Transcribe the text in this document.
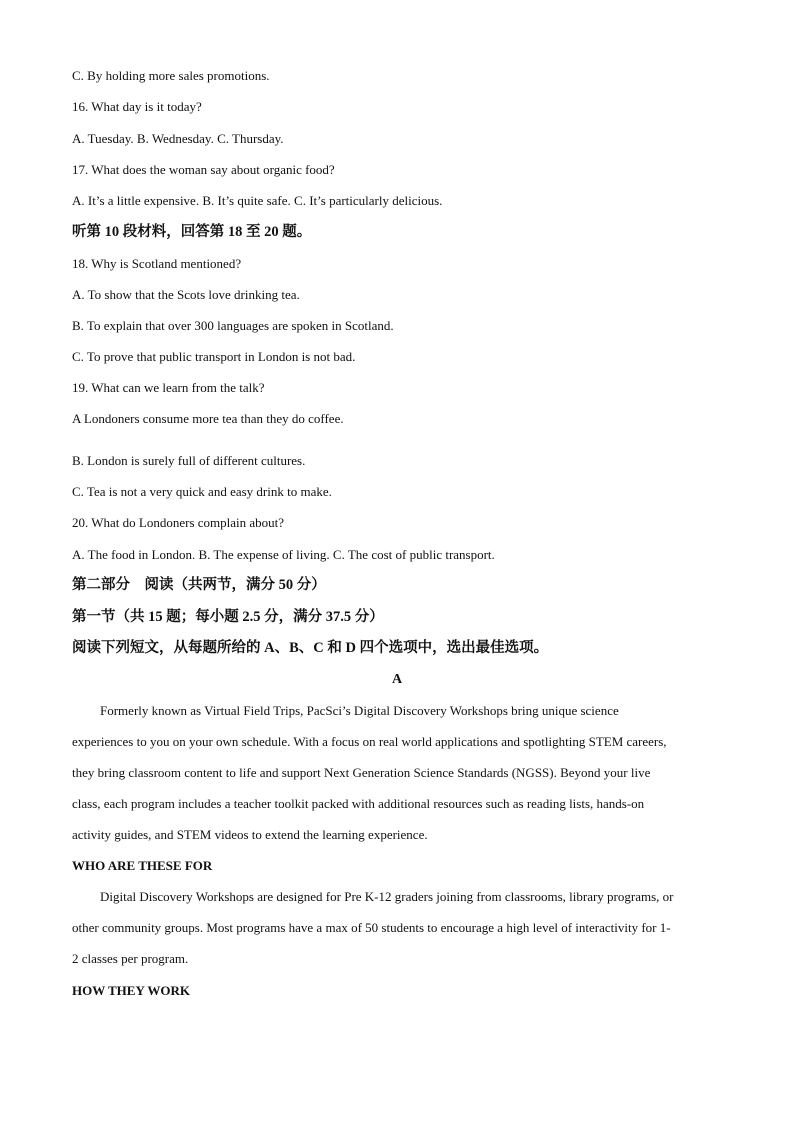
C. By holding more sales promotions.
16. What day is it today?
A. Tuesday. B. Wednesday. C. Thursday.
17. What does the woman say about organic food?
A. It’s a little expensive. B. It’s quite safe. C. It’s particularly delicious.
听第 10 段材料，回答第 18 至 20 题。
18. Why is Scotland mentioned?
A. To show that the Scots love drinking tea.
B. To explain that over 300 languages are spoken in Scotland.
C. To prove that public transport in London is not bad.
19. What can we learn from the talk?
A Londoners consume more tea than they do coffee.
B. London is surely full of different cultures.
C. Tea is not a very quick and easy drink to make.
20. What do Londoners complain about?
A. The food in London. B. The expense of living. C. The cost of public transport.
第二部分　阅读（共两节，满分 50 分）
第一节（共 15 题；每小题 2.5 分，满分 37.5 分）
阅读下列短文，从每题所给的 A、B、C 和 D 四个选项中，选出最佳选项。
A
Formerly known as Virtual Field Trips, PacSci’s Digital Discovery Workshops bring unique science
experiences to you on your own schedule. With a focus on real world applications and spotlighting STEM careers,
they bring classroom content to life and support Next Generation Science Standards (NGSS). Beyond your live
class, each program includes a teacher toolkit packed with additional resources such as reading lists, hands-on
activity guides, and STEM videos to extend the learning experience.
WHO ARE THESE FOR
Digital Discovery Workshops are designed for Pre K-12 graders joining from classrooms, library programs, or
other community groups. Most programs have a max of 50 students to encourage a high level of interactivity for 1-
2 classes per program.
HOW THEY WORK
